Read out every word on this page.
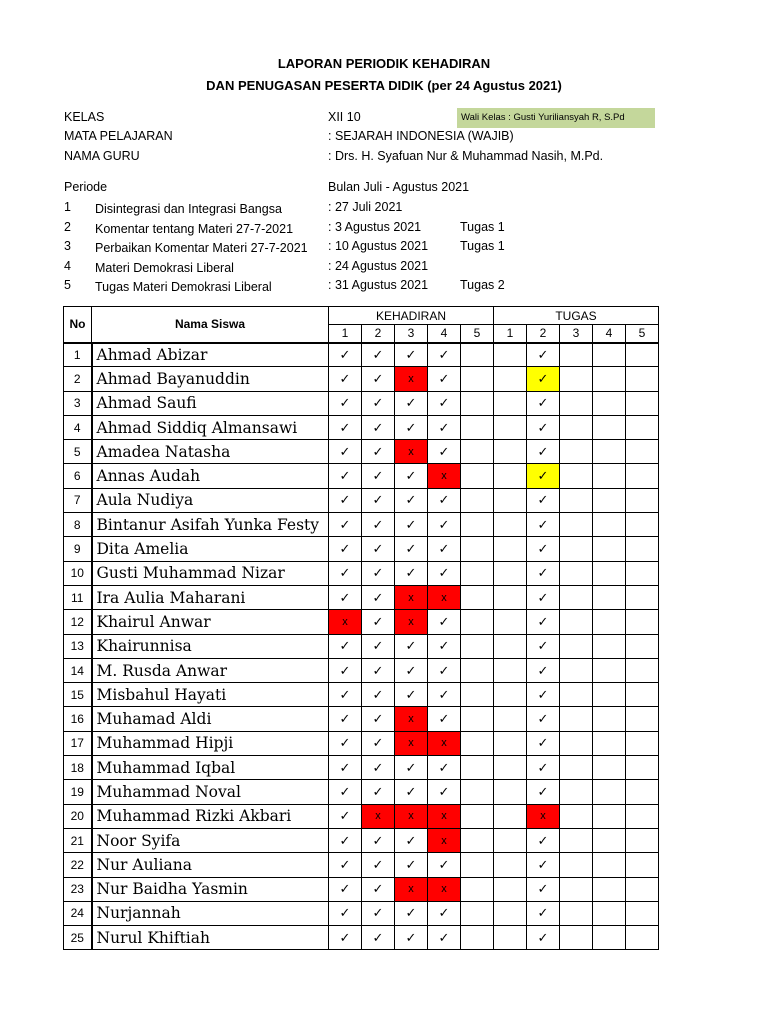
LAPORAN PERIODIK KEHADIRAN
DAN PENUGASAN PESERTA DIDIK (per 24 Agustus 2021)
KELAS	XII 10	Wali Kelas : Gusti Yuriliansyah R, S.Pd
MATA PELAJARAN	: SEJARAH INDONESIA (WAJIB)
NAMA GURU	: Drs. H. Syafuan Nur & Muhammad Nasih, M.Pd.
Periode	Bulan Juli - Agustus 2021
1 Disintegrasi dan Integrasi Bangsa	: 27 Juli 2021
2 Komentar tentang Materi 27-7-2021	: 3 Agustus 2021	Tugas 1
3 Perbaikan Komentar Materi 27-7-2021 : 10 Agustus 2021	Tugas 1
4 Materi Demokrasi Liberal	: 24 Agustus 2021
5 Tugas Materi Demokrasi Liberal	: 31 Agustus 2021	Tugas 2
No	Nama Siswa	KEHADIRAN					TUGAS				
		1	2	3	4	5	1	2	3	4	5
1	Ahmad Abizar	✓	✓	✓	✓			✓			
2	Ahmad Bayanuddin	✓	✓	x	✓			✓			
3	Ahmad Saufi	✓	✓	✓	✓			✓			
4	Ahmad Siddiq Almansawi	✓	✓	✓	✓			✓			
5	Amadea Natasha	✓	✓	x	✓			✓			
6	Annas Audah	✓	✓	✓	x			✓			
7	Aula Nudiya	✓	✓	✓	✓			✓			
8	Bintanur Asifah Yunka Festy	✓	✓	✓	✓			✓			
9	Dita Amelia	✓	✓	✓	✓			✓			
10	Gusti Muhammad Nizar	✓	✓	✓	✓			✓			
11	Ira Aulia Maharani	✓	✓	x	x			✓			
12	Khairul Anwar	x	✓	x	✓			✓			
13	Khairunnisa	✓	✓	✓	✓			✓			
14	M. Rusda Anwar	✓	✓	✓	✓			✓			
15	Misbahul Hayati	✓	✓	✓	✓			✓			
16	Muhamad Aldi	✓	✓	x	✓			✓			
17	Muhammad Hipji	✓	✓	x	x			✓			
18	Muhammad Iqbal	✓	✓	✓	✓			✓			
19	Muhammad Noval	✓	✓	✓	✓			✓			
20	Muhammad Rizki Akbari	✓	x	x	x			x			
21	Noor Syifa	✓	✓	✓	x			✓			
22	Nur Auliana	✓	✓	✓	✓			✓			
23	Nur Baidha Yasmin	✓	✓	x	x			✓			
24	Nurjannah	✓	✓	✓	✓			✓			
25	Nurul Khiftiah	✓	✓	✓	✓			✓			
